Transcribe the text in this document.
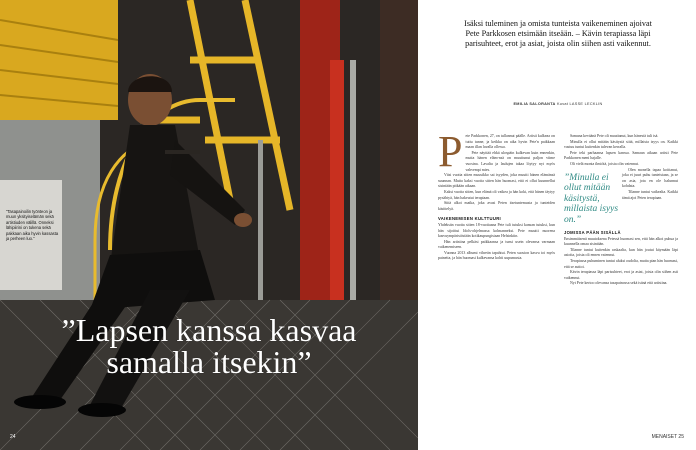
”Tasapainoilin työnteon ja muun yksityiselämän sekä artistiuden välillä. Onneksi lähipiirini on tukena sekä pakkaan aika hyvin kassasta ja perheen luo.”
”Lapsen kanssa kasvaa samalla itsekin”
24

Isäksi tuleminen ja omista tunteista vaikeneminen ajoivat Pete Parkkosen etsimään itseään. – Kävin terapiassa läpi parisuhteet, erot ja asiat, joista olin siihen asti vaikennut.

EMILIA SALORANTA Kuvat LASSE LECKLIN
P ete Parkkonen, 27, on tullannut päälle. Artisti kulkeaa on tuttu tunne, ja keikka on aika hyvin Pete'n paikkaan maan illan lavalla ollessa.

Pete näyttää ehkä ulospäin kulkevan kuin ennenkin, mutta hänen eläm-nsä on muuttunut paljon viime vuosina. Lavalta ja laulujen takaa löytyy nyt myös vahvempi mies.

Viisi vuotta sitten muusikko sai isyyden, joka muutti hänen elämänsä suunnan. Mutta kaksi vuotta sitten hän huomasi, että ei ollut kuunnellut sisintään pitkään aikaan.

Kaksi vuotta sitten, kun elämä oli vaikea ja hän koki, että hänen täytyy pysähtyä, hän hakeutui terapiaan.

Siitä alkoi matka, joka avasi Peten itsetuntemusta ja tunteiden käsittelyä.

VAIKENEMISEN KULTTUURI

Yhdeksän vuotta sitten 18-vuotiaana Pete tuli tutuksi kansan tutuksi, kun hän sijoittui Idols-ohjelmassa kolmanneksi. Pete muutti nuorena kasvuympäristöstään kotikaupungistaan Helsinkiin.

Hän artistina pelkäsi paikkaansa ja tunsi usein olevansa varmaan vaikenemiseen.

Vuonna 2013 albumi vihreän tapahtui. Peten suosion kasvu toi myös paineita, ja hän huomasi kulkevansa kohti uupumusta.

Samana keväänä Pete oli muuttanut, kun hänestä tuli isä.

Minulla ei ollut mitään käsitystä siitä, millaista isyys on. Kaikki vastuu tuntui kuitenkin tulevan kerralla.

Pete teki parhaansa lapsen kanssa. Samaan aikaan artisti Pete Parkkonen meni hajalle.

Oli vielä monta ilmiötä, joista olin vaiennut.

”Minulla ei ollut mitään käsitystä, millaista isyys on.”

Olen monella tapaa koittanut, joka ei juuri puhu tunteistaan, ja se on asia, jota en ole halunnut kohdata.

Tilanne tuntui vaikealta. Kaikki tämä ajoi Peten terapiaan.

JOMISSA PÄÄN SISÄLLÄ

Ensimmäisenä muutoksena Petessä huomasi sen, että hän alkoi puhua ja kuunnella omaa sisintään.

Tilanne tuntui kuitenkin raskaalta, kun hän joutui käymään läpi asioita, joista oli ennen vaiennut.

Terapiassa puhuminen tuntui aluksi oudolta, mutta pian hän huomasi, että se auttoi.

Kävin terapiassa läpi parisuhteet, erot ja asiat, joista olin siihen asti vaikennut.

Nyt Pete kertoo olevansa tasapainossa sekä isänä että artistina.

MENAISET 25
